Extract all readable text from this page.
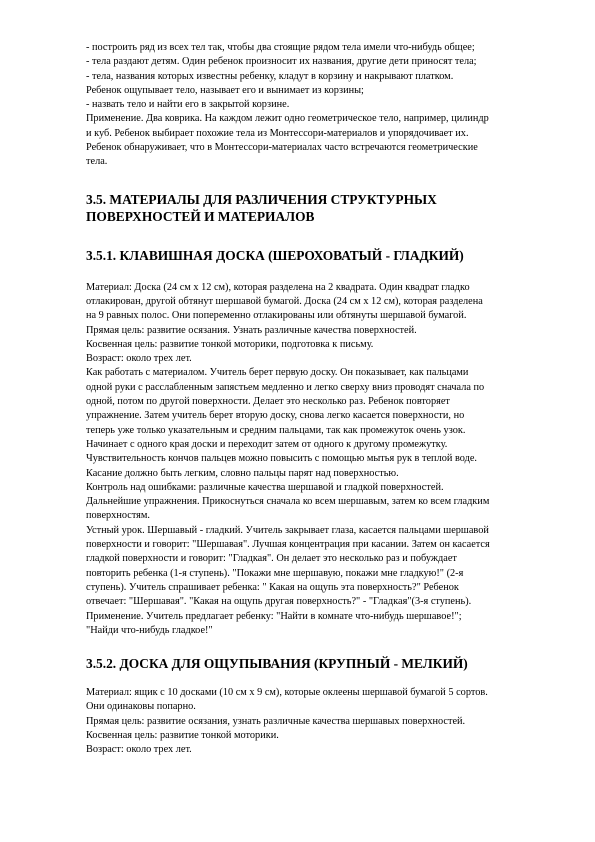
- построить ряд из всех тел так, чтобы два стоящие рядом тела имели что-нибудь общее;

- тела раздают детям. Один ребенок произносит их названия, другие дети приносят тела;

- тела, названия которых известны ребенку, кладут в корзину и накрывают платком.

Ребенок ощупывает тело, называет его и вынимает из корзины;

- назвать тело и найти его в закрытой корзине.

Применение. Два коврика. На каждом лежит одно геометрическое тело, например, цилиндр

и куб. Ребенок выбирает похожие тела из Монтессори-материалов и упорядочивает их.

Ребенок обнаруживает, что в Монтессори-материалах часто встречаются геометрические

тела.

3.5. МАТЕРИАЛЫ ДЛЯ РАЗЛИЧЕНИЯ СТРУКТУРНЫХ
ПОВЕРХНОСТЕЙ И МАТЕРИАЛОВ
3.5.1. КЛАВИШНАЯ ДОСКА (ШЕРОХОВАТЫЙ - ГЛАДКИЙ)

Материал: Доска (24 см х 12 см), которая разделена на 2 квадрата. Один квадрат гладко

отлакирован, другой обтянут шершавой бумагой. Доска (24 см х 12 см), которая разделена

на 9 равных полос. Они попеременно отлакированы или обтянуты шершавой бумагой.

Прямая цель: развитие осязания. Узнать различные качества поверхностей.

Косвенная цель: развитие тонкой моторики, подготовка к письму.

Возраст: около трех лет.

Как работать с материалом. Учитель берет первую доску. Он показывает, как пальцами

одной руки с расслабленным запястьем медленно и легко сверху вниз проводят сначала по

одной, потом по другой поверхности. Делает это несколько раз. Ребенок повторяет

упражнение. Затем учитель берет вторую доску, снова легко касается поверхности, но

теперь уже только указательным и средним пальцами, так как промежуток очень узок.

Начинает с одного края доски и переходит затем от одного к другому промежутку.

Чувствительность кончов пальцев можно повысить с помощью мытья рук в теплой воде.

Касание должно быть легким, словно пальцы парят над поверхностью.

Контроль над ошибками: различные качества шершавой и гладкой поверхностей.

Дальнейшие упражнения. Прикоснуться сначала ко всем шершавым, затем ко всем гладким

поверхностям.

Устный урок. Шершавый - гладкий. Учитель закрывает глаза, касается пальцами шершавой

поверхности и говорит: "Шершавая". Лучшая концентрация при касании. Затем он касается

гладкой поверхности и говорит: "Гладкая". Он делает это несколько раз и побуждает

повторить ребенка (1-я ступень). "Покажи мне шершавую, покажи мне гладкую!" (2-я

ступень). Учитель спрашивает ребенка: " Какая на ощупь эта поверхность?" Ребенок

отвечает: "Шершавая". "Какая на ощупь другая поверхность?" - "Гладкая"(3-я ступень).

Применение. Учитель предлагает ребенку: "Найти в комнате что-нибудь шершавое!";

"Найди что-нибудь гладкое!"

3.5.2. ДОСКА ДЛЯ ОЩУПЫВАНИЯ (КРУПНЫЙ - МЕЛКИЙ)

Материал: ящик с 10 досками (10 см х 9 см), которые оклеены шершавой бумагой 5 сортов.

Они одинаковы попарно.

Прямая цель: развитие осязания, узнать различные качества шершавых поверхностей.

Косвенная цель: развитие тонкой моторики.

Возраст: около трех лет.
